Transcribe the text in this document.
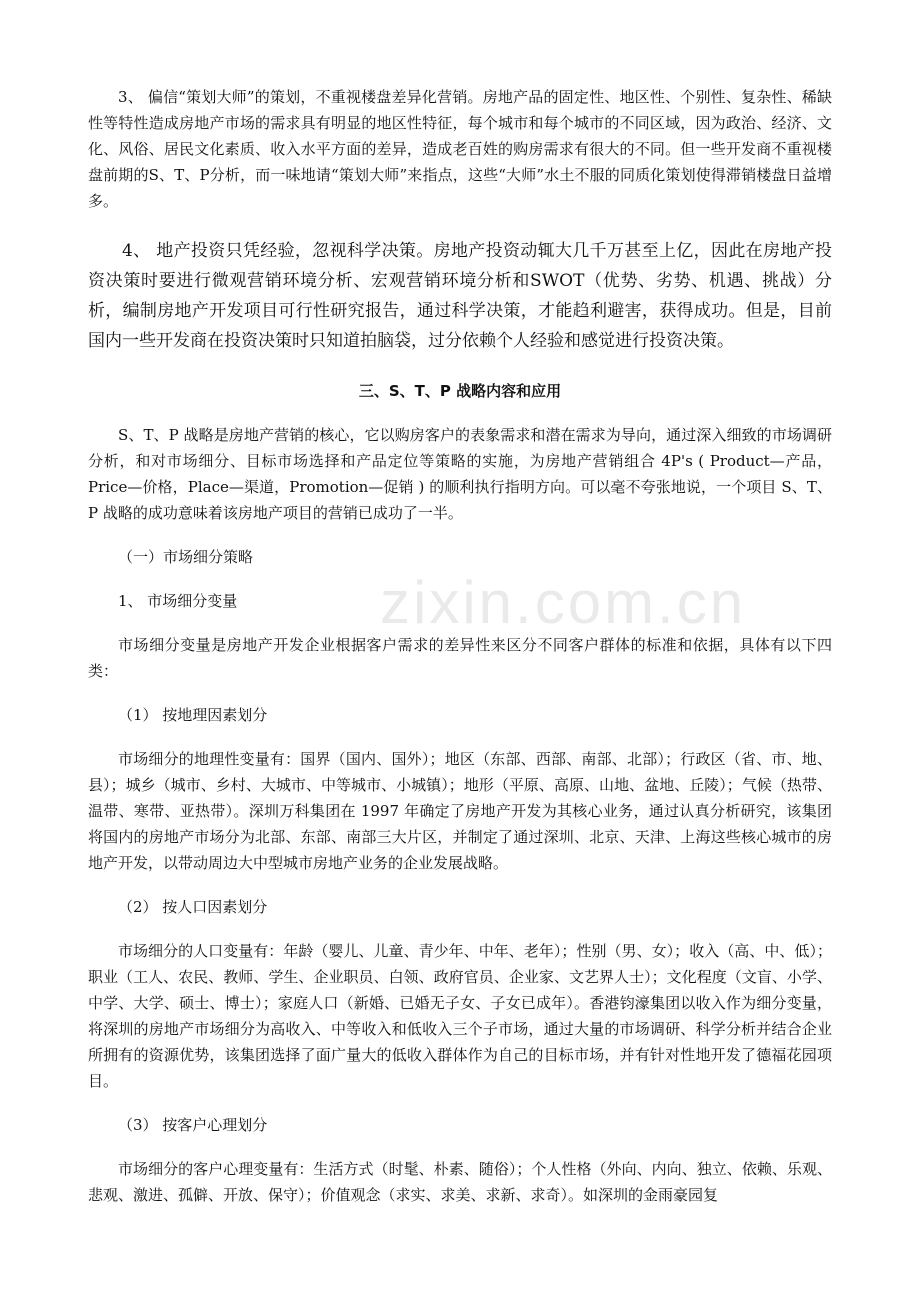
zixin.com.cn

3、 偏信“策划大师”的策划，不重视楼盘差异化营销。房地产品的固定性、地区性、个别性、复杂性、稀缺性等特性造成房地产市场的需求具有明显的地区性特征，每个城市和每个城市的不同区域，因为政治、经济、文化、风俗、居民文化素质、收入水平方面的差异，造成老百姓的购房需求有很大的不同。但一些开发商不重视楼盘前期的S、T、P分析，而一味地请“策划大师”来指点，这些“大师”水土不服的同质化策划使得滞销楼盘日益增多。

4、 地产投资只凭经验，忽视科学决策。房地产投资动辄大几千万甚至上亿，因此在房地产投资决策时要进行微观营销环境分析、宏观营销环境分析和SWOT（优势、劣势、机遇、挑战）分析，编制房地产开发项目可行性研究报告，通过科学决策，才能趋利避害，获得成功。但是，目前国内一些开发商在投资决策时只知道拍脑袋，过分依赖个人经验和感觉进行投资决策。

三、S、T、P 战略内容和应用

S、T、P 战略是房地产营销的核心，它以购房客户的表象需求和潜在需求为导向，通过深入细致的市场调研分析，和对市场细分、目标市场选择和产品定位等策略的实施，为房地产营销组合 4P's ( Product—产品，Price—价格，Place—渠道，Promotion—促销 ) 的顺利执行指明方向。可以毫不夸张地说，一个项目 S、T、P 战略的成功意味着该房地产项目的营销已成功了一半。

（一）市场细分策略

1、 市场细分变量

市场细分变量是房地产开发企业根据客户需求的差异性来区分不同客户群体的标准和依据，具体有以下四类：

（1） 按地理因素划分

市场细分的地理性变量有：国界（国内、国外）；地区（东部、西部、南部、北部）；行政区（省、市、地、县）；城乡（城市、乡村、大城市、中等城市、小城镇）；地形（平原、高原、山地、盆地、丘陵）；气候（热带、温带、寒带、亚热带）。深圳万科集团在 1997 年确定了房地产开发为其核心业务，通过认真分析研究，该集团将国内的房地产市场分为北部、东部、南部三大片区，并制定了通过深圳、北京、天津、上海这些核心城市的房地产开发，以带动周边大中型城市房地产业务的企业发展战略。

（2） 按人口因素划分

市场细分的人口变量有：年龄（婴儿、儿童、青少年、中年、老年）；性别（男、女）；收入（高、中、低）；职业（工人、农民、教师、学生、企业职员、白领、政府官员、企业家、文艺界人士）；文化程度（文盲、小学、中学、大学、硕士、博士）；家庭人口（新婚、已婚无子女、子女已成年）。香港钧濠集团以收入作为细分变量，将深圳的房地产市场细分为高收入、中等收入和低收入三个子市场，通过大量的市场调研、科学分析并结合企业所拥有的资源优势，该集团选择了面广量大的低收入群体作为自己的目标市场，并有针对性地开发了德福花园项目。

（3） 按客户心理划分

市场细分的客户心理变量有：生活方式（时髦、朴素、随俗）；个人性格（外向、内向、独立、依赖、乐观、悲观、激进、孤僻、开放、保守）；价值观念（求实、求美、求新、求奇）。如深圳的金雨豪园复
